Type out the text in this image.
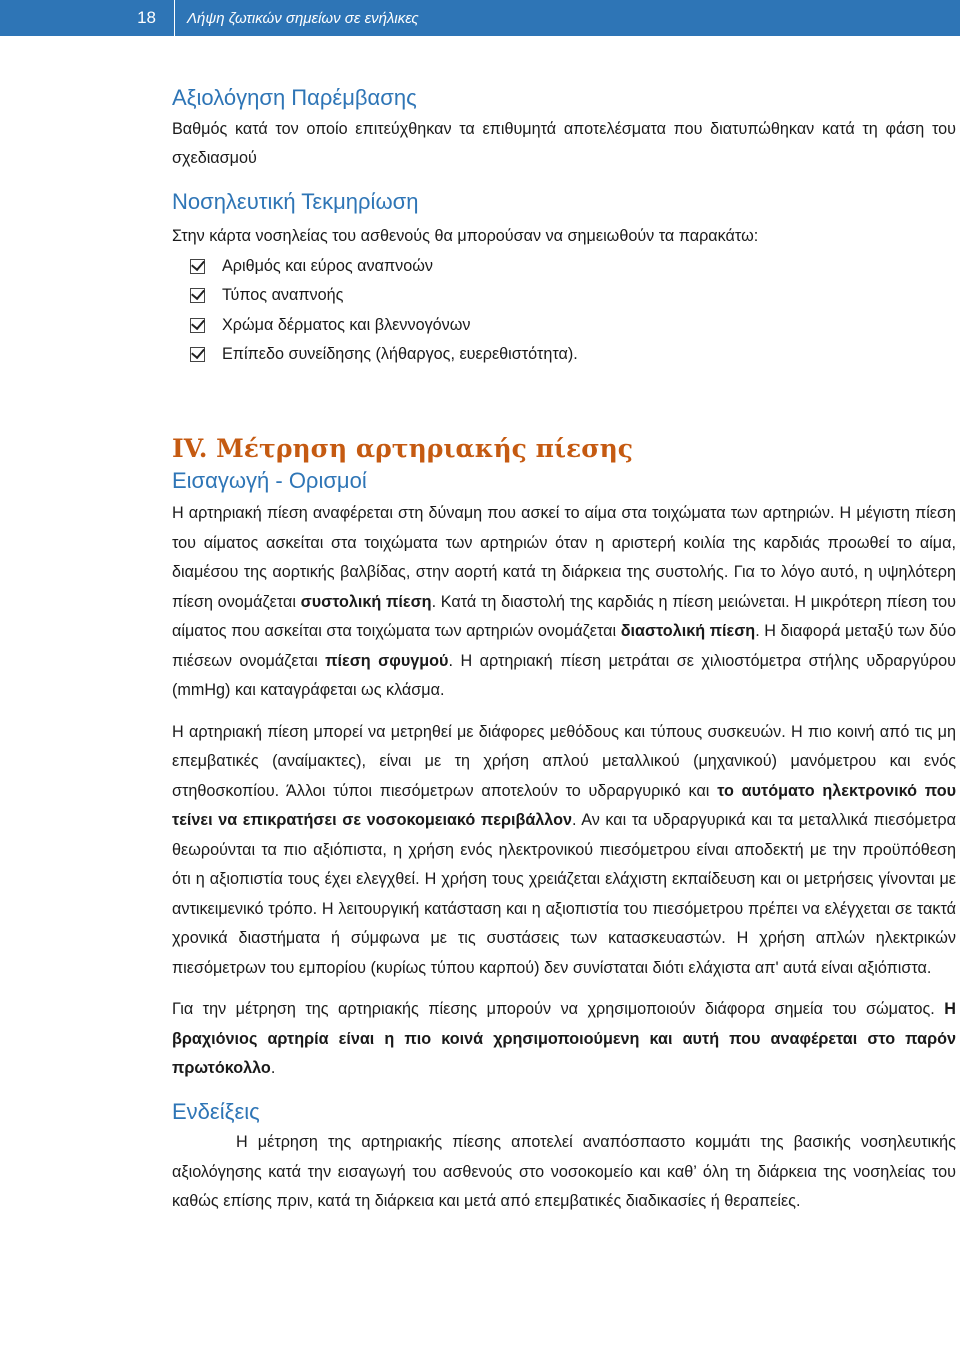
18 Λήψη ζωτικών σημείων σε ενήλικες
Αξιολόγηση Παρέμβασης

Βαθμός κατά τον οποίο επιτεύχθηκαν τα επιθυμητά αποτελέσματα που διατυπώθηκαν κατά τη φάση του σχεδιασμού

Νοσηλευτική Τεκμηρίωση

Στην κάρτα νοσηλείας του ασθενούς θα μπορούσαν να σημειωθούν τα παρακάτω:

Αριθμός και εύρος αναπνοών
Τύπος αναπνοής
Χρώμα δέρματος και βλεννογόνων
Επίπεδο συνείδησης (λήθαργος, ευερεθιστότητα).
IV. Μέτρηση αρτηριακής πίεσης
Εισαγωγή - Ορισμοί

Η αρτηριακή πίεση αναφέρεται στη δύναμη που ασκεί το αίμα στα τοιχώματα των αρτηριών. Η μέγιστη πίεση του αίματος ασκείται στα τοιχώματα των αρτηριών όταν η αριστερή κοιλία της καρδιάς προωθεί το αίμα, διαμέσου της αορτικής βαλβίδας, στην αορτή κατά τη διάρκεια της συστολής. Για το λόγο αυτό, η υψηλότερη πίεση ονομάζεται συστολική πίεση. Κατά τη διαστολή της καρδιάς η πίεση μειώνεται. Η μικρότερη πίεση του αίματος που ασκείται στα τοιχώματα των αρτηριών ονομάζεται διαστολική πίεση. Η διαφορά μεταξύ των δύο πιέσεων ονομάζεται πίεση σφυγμού. Η αρτηριακή πίεση μετράται σε χιλιοστόμετρα στήλης υδραργύρου (mmHg) και καταγράφεται ως κλάσμα.

Η αρτηριακή πίεση μπορεί να μετρηθεί με διάφορες μεθόδους και τύπους συσκευών. Η πιο κοινή από τις μη επεμβατικές (αναίμακτες), είναι με τη χρήση απλού μεταλλικού (μηχανικού) μανόμετρου και ενός στηθοσκοπίου. Άλλοι τύποι πιεσόμετρων αποτελούν το υδραργυρικό και το αυτόματο ηλεκτρονικό που τείνει να επικρατήσει σε νοσοκομειακό περιβάλλον. Αν και τα υδραργυρικά και τα μεταλλικά πιεσόμετρα θεωρούνται τα πιο αξιόπιστα, η χρήση ενός ηλεκτρονικού πιεσόμετρου είναι αποδεκτή με την προϋπόθεση ότι η αξιοπιστία τους έχει ελεγχθεί. Η χρήση τους χρειάζεται ελάχιστη εκπαίδευση και οι μετρήσεις γίνονται με αντικειμενικό τρόπο. Η λειτουργική κατάσταση και η αξιοπιστία του πιεσόμετρου πρέπει να ελέγχεται σε τακτά χρονικά διαστήματα ή σύμφωνα με τις συστάσεις των κατασκευαστών. Η χρήση απλών ηλεκτρικών πιεσόμετρων του εμπορίου (κυρίως τύπου καρπού) δεν συνίσταται διότι ελάχιστα απ' αυτά είναι αξιόπιστα.

Για την μέτρηση της αρτηριακής πίεσης μπορούν να χρησιμοποιούν διάφορα σημεία του σώματος. Η βραχιόνιος αρτηρία είναι η πιο κοινά χρησιμοποιούμενη και αυτή που αναφέρεται στο παρόν πρωτόκολλο.

Ενδείξεις

Η μέτρηση της αρτηριακής πίεσης αποτελεί αναπόσπαστο κομμάτι της βασικής νοσηλευτικής αξιολόγησης κατά την εισαγωγή του ασθενούς στο νοσοκομείο και καθ’ όλη τη διάρκεια της νοσηλείας του καθώς επίσης πριν, κατά τη διάρκεια και μετά από επεμβατικές διαδικασίες ή θεραπείες.
